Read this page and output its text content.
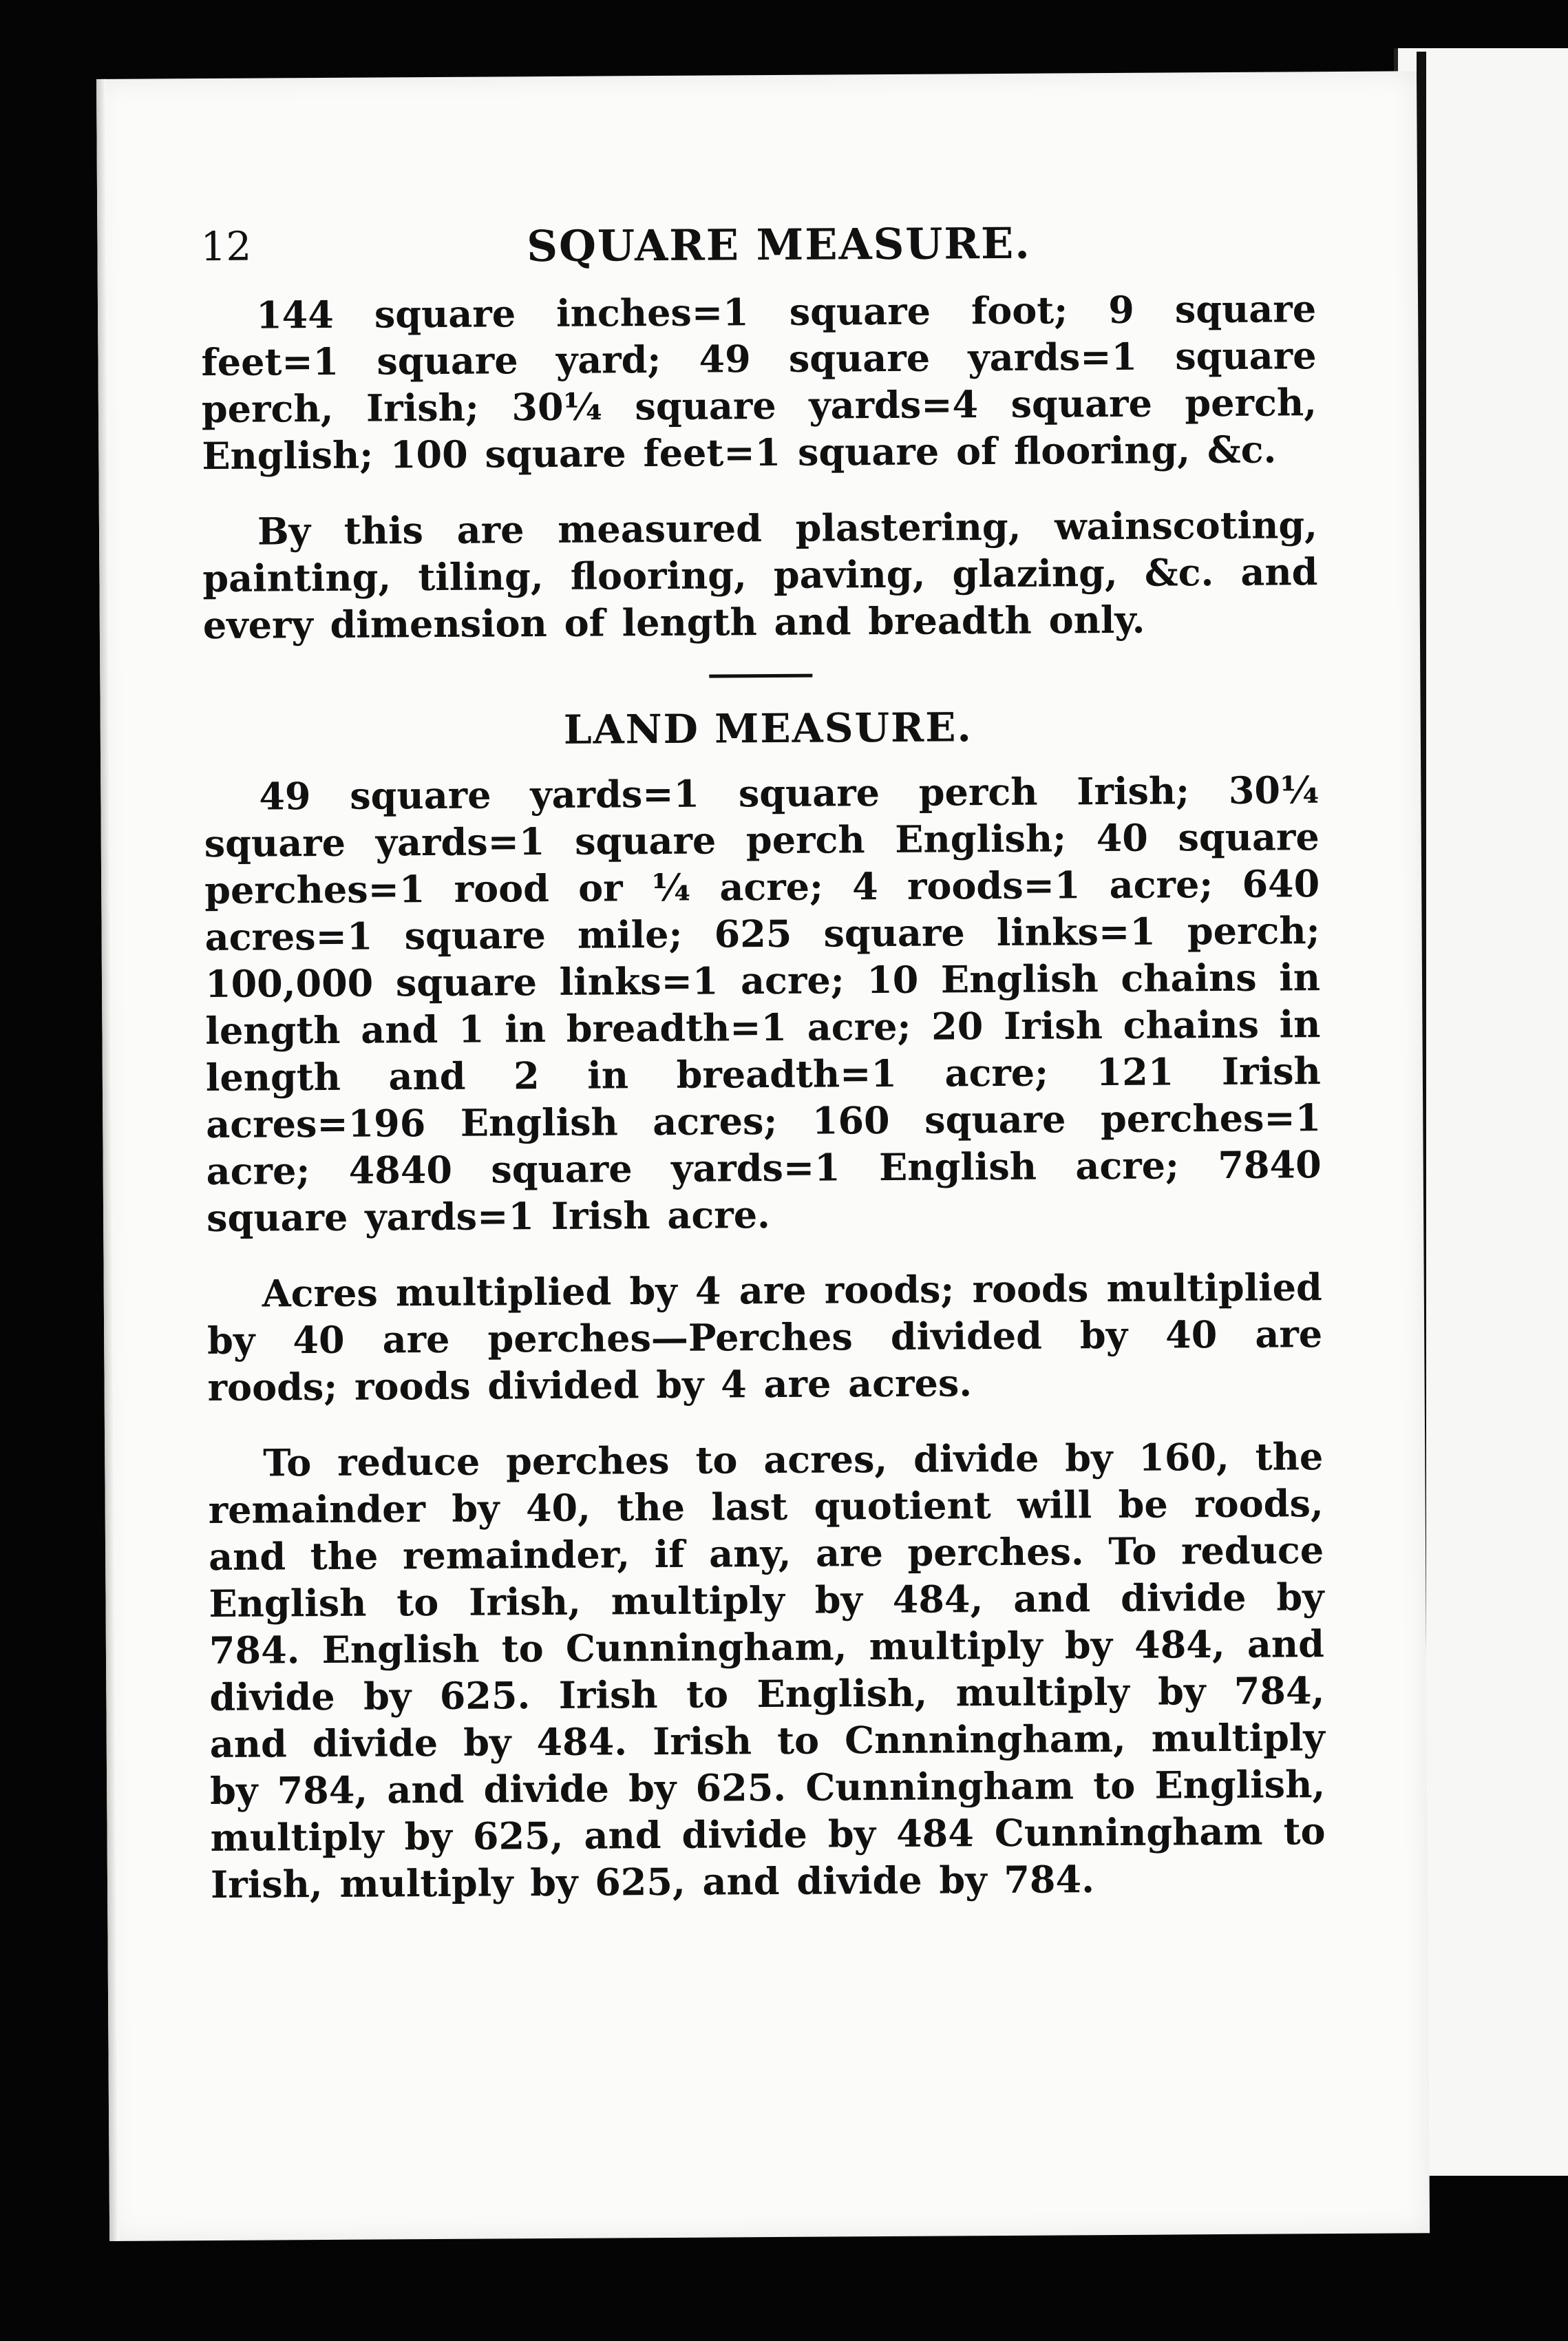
12	SQUARE MEASURE.

144 square inches=1 square foot; 9 square feet=1 square yard; 49 square yards=1 square perch, Irish; 30¼ square yards=4 square perch, English; 100 square feet=1 square of flooring, &c.

By this are measured plastering, wainscoting, painting, tiling, flooring, paving, glazing, &c. and every dimension of length and breadth only.

LAND MEASURE.

49 square yards=1 square perch Irish; 30¼ square yards=1 square perch English; 40 square perches=1 rood or ¼ acre; 4 roods=1 acre; 640 acres=1 square mile; 625 square links=1 perch; 100,000 square links=1 acre; 10 English chains in length and 1 in breadth=1 acre; 20 Irish chains in length and 2 in breadth=1 acre; 121 Irish acres=196 English acres; 160 square perches=1 acre; 4840 square yards=1 English acre; 7840 square yards=1 Irish acre.

Acres multiplied by 4 are roods; roods multiplied by 40 are perches—Perches divided by 40 are roods; roods divided by 4 are acres.

To reduce perches to acres, divide by 160, the remainder by 40, the last quotient will be roods, and the remainder, if any, are perches. To reduce English to Irish, multiply by 484, and divide by 784. English to Cunningham, multiply by 484, and divide by 625. Irish to English, multiply by 784, and divide by 484. Irish to Cnnningham, multiply by 784, and divide by 625. Cunningham to English, multiply by 625, and divide by 484 Cunningham to Irish, multiply by 625, and divide by 784.
